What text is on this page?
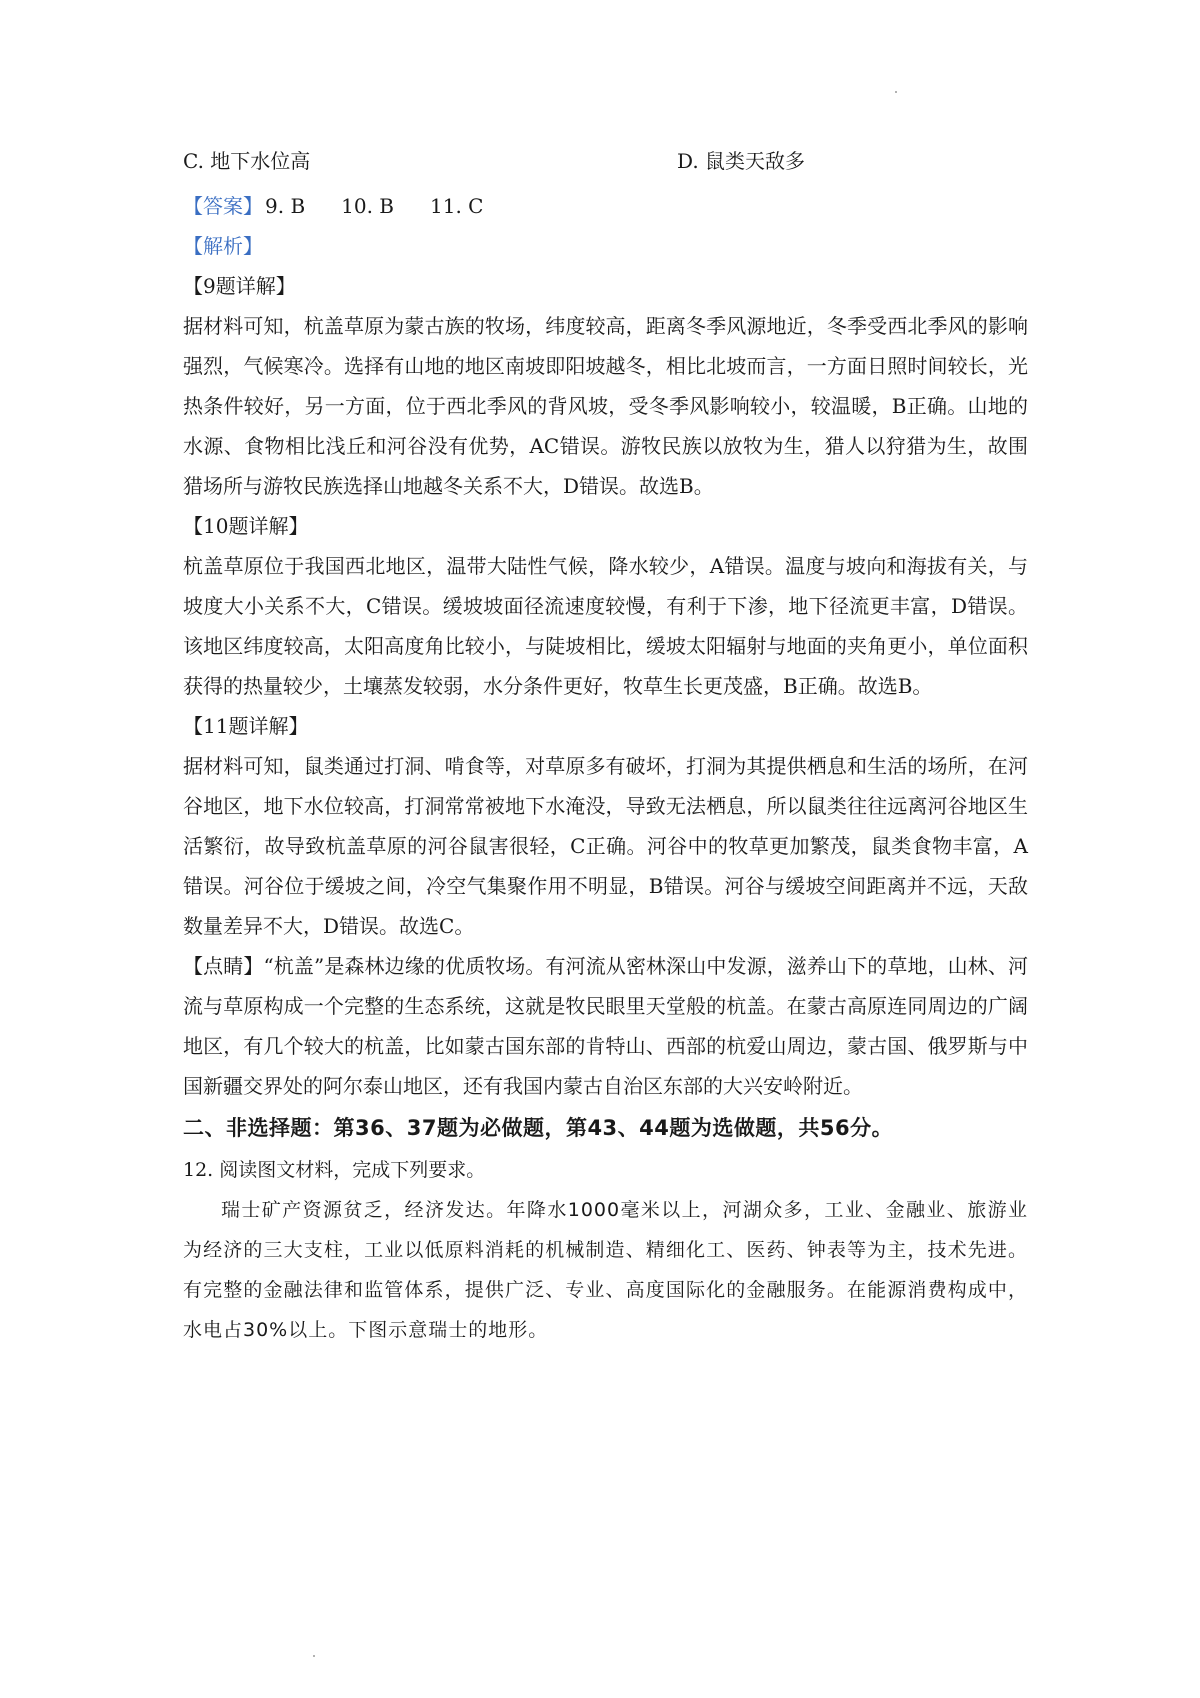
C. 地下水位高	D. 鼠类天敌多
【答案】 9. B 10. B 11. C
【解析】
【9题详解】

据材料可知，杭盖草原为蒙古族的牧场，纬度较高，距离冬季风源地近，冬季受西北季风的影响强烈，气候寒冷。选择有山地的地区南坡即阳坡越冬，相比北坡而言，一方面日照时间较长，光热条件较好，另一方面，位于西北季风的背风坡，受冬季风影响较小，较温暖，B正确。山地的水源、食物相比浅丘和河谷没有优势，AC错误。游牧民族以放牧为生，猎人以狩猎为生，故围猎场所与游牧民族选择山地越冬关系不大，D错误。故选B。

【10题详解】

杭盖草原位于我国西北地区，温带大陆性气候，降水较少，A错误。温度与坡向和海拔有关，与坡度大小关系不大，C错误。缓坡坡面径流速度较慢，有利于下渗，地下径流更丰富，D错误。该地区纬度较高，太阳高度角比较小，与陡坡相比，缓坡太阳辐射与地面的夹角更小，单位面积获得的热量较少，土壤蒸发较弱，水分条件更好，牧草生长更茂盛，B正确。故选B。

【11题详解】

据材料可知，鼠类通过打洞、啃食等，对草原多有破坏，打洞为其提供栖息和生活的场所，在河谷地区，地下水位较高，打洞常常被地下水淹没，导致无法栖息，所以鼠类往往远离河谷地区生活繁衍，故导致杭盖草原的河谷鼠害很轻，C正确。河谷中的牧草更加繁茂，鼠类食物丰富，A错误。河谷位于缓坡之间，冷空气集聚作用不明显，B错误。河谷与缓坡空间距离并不远，天敌数量差异不大，D错误。故选C。

【点睛】“杭盖”是森林边缘的优质牧场。有河流从密林深山中发源，滋养山下的草地，山林、河流与草原构成一个完整的生态系统，这就是牧民眼里天堂般的杭盖。在蒙古高原连同周边的广阔地区，有几个较大的杭盖，比如蒙古国东部的肯特山、西部的杭爱山周边，蒙古国、俄罗斯与中国新疆交界处的阿尔泰山地区，还有我国内蒙古自治区东部的大兴安岭附近。

二、非选择题：第36、37题为必做题，第43、44题为选做题，共56分。
12. 阅读图文材料，完成下列要求。

瑞士矿产资源贫乏，经济发达。年降水1000毫米以上，河湖众多，工业、金融业、旅游业为经济的三大支柱，工业以低原料消耗的机械制造、精细化工、医药、钟表等为主，技术先进。有完整的金融法律和监管体系，提供广泛、专业、高度国际化的金融服务。在能源消费构成中，水电占30%以上。下图示意瑞士的地形。
